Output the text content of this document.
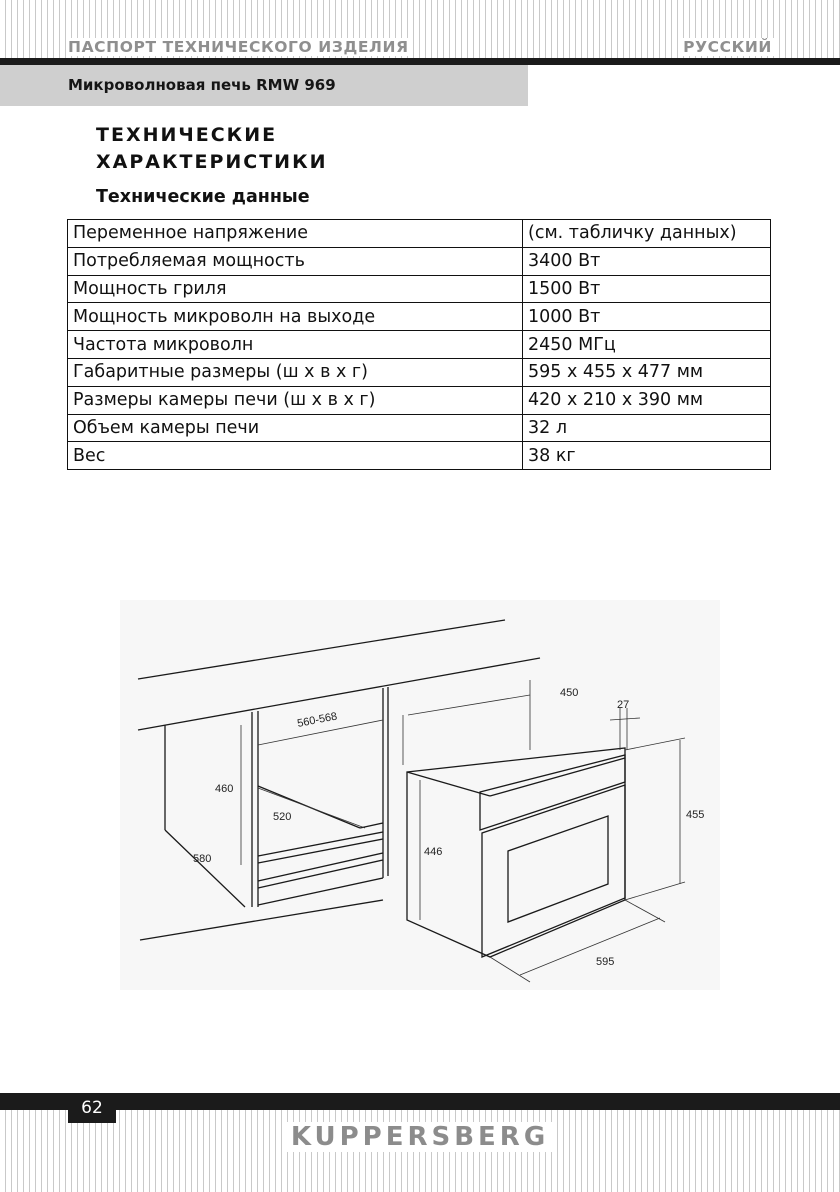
ПАСПОРТ ТЕХНИЧЕСКОГО ИЗДЕЛИЯ	РУССКИЙ
Микроволновая печь RMW 969
ТЕХНИЧЕСКИЕ
ХАРАКТЕРИСТИКИ
Технические данные
Переменное напряжение	(см. табличку данных)
Потребляемая мощность	3400 Вт
Мощность гриля	1500 Вт
Мощность микроволн на выходе	1000 Вт
Частота микроволн	2450 МГц
Габаритные размеры (ш х в х г)	595 х 455 х 477 мм
Размеры камеры печи (ш х в х г)	420 х 210 х 390 мм
Объем камеры печи	32 л
Вес	38 кг
560-568
460
520
580
450
27
455
446
595
62
KUPPERSBERG
